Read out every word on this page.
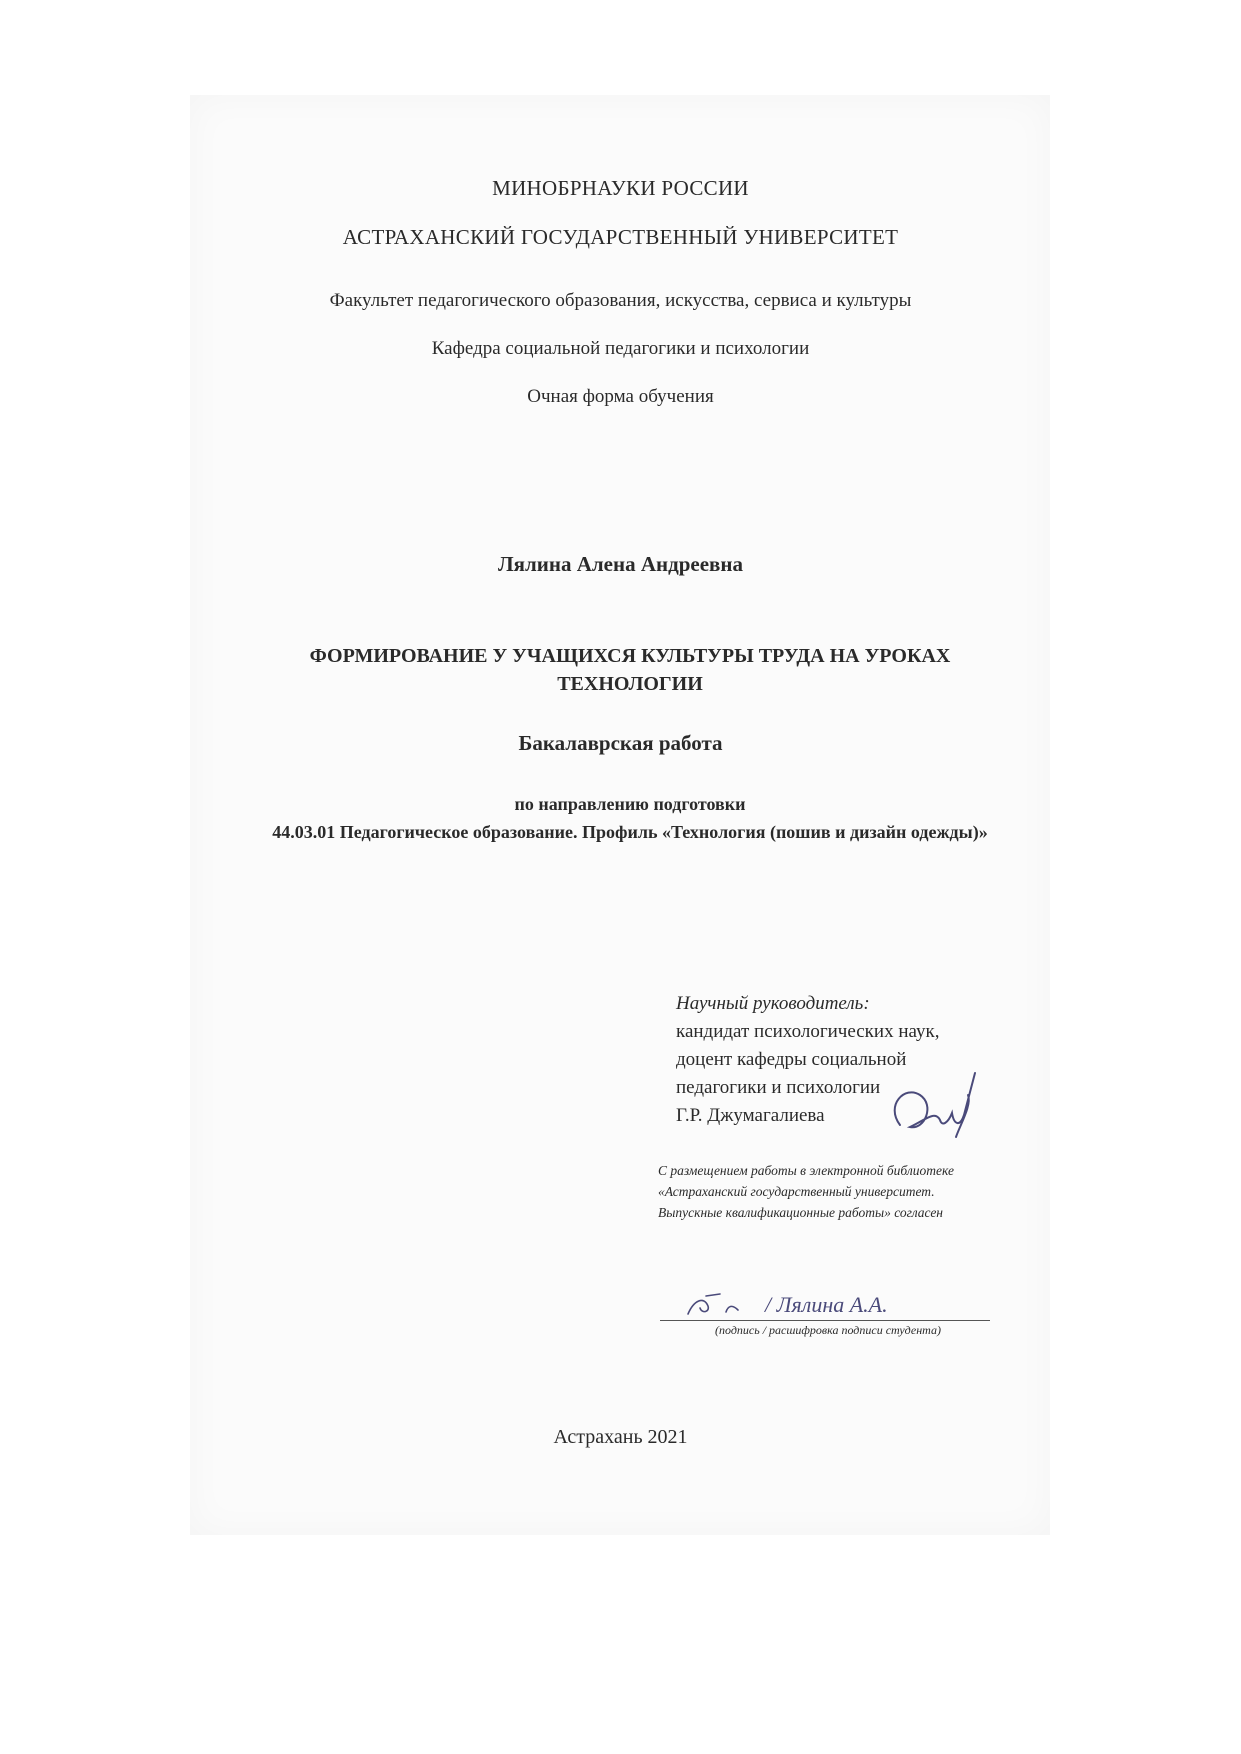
МИНОБРНАУКИ РОССИИ
АСТРАХАНСКИЙ ГОСУДАРСТВЕННЫЙ УНИВЕРСИТЕТ
Факультет педагогического образования, искусства, сервиса и культуры
Кафедра социальной педагогики и психологии
Очная форма обучения
Лялина Алена Андреевна
ФОРМИРОВАНИЕ У УЧАЩИХСЯ КУЛЬТУРЫ ТРУДА НА УРОКАХ ТЕХНОЛОГИИ
Бакалаврская работа
по направлению подготовки
44.03.01 Педагогическое образование. Профиль «Технология (пошив и дизайн одежды)»
Научный руководитель:
кандидат психологических наук,
доцент кафедры социальной
педагогики и психологии
Г.Р. Джумагалиева
С размещением работы в электронной библиотеке «Астраханский государственный университет. Выпускные квалификационные работы» согласен
/ Лялина А.А.
(подпись / расшифровка подписи студента)
Астрахань 2021
